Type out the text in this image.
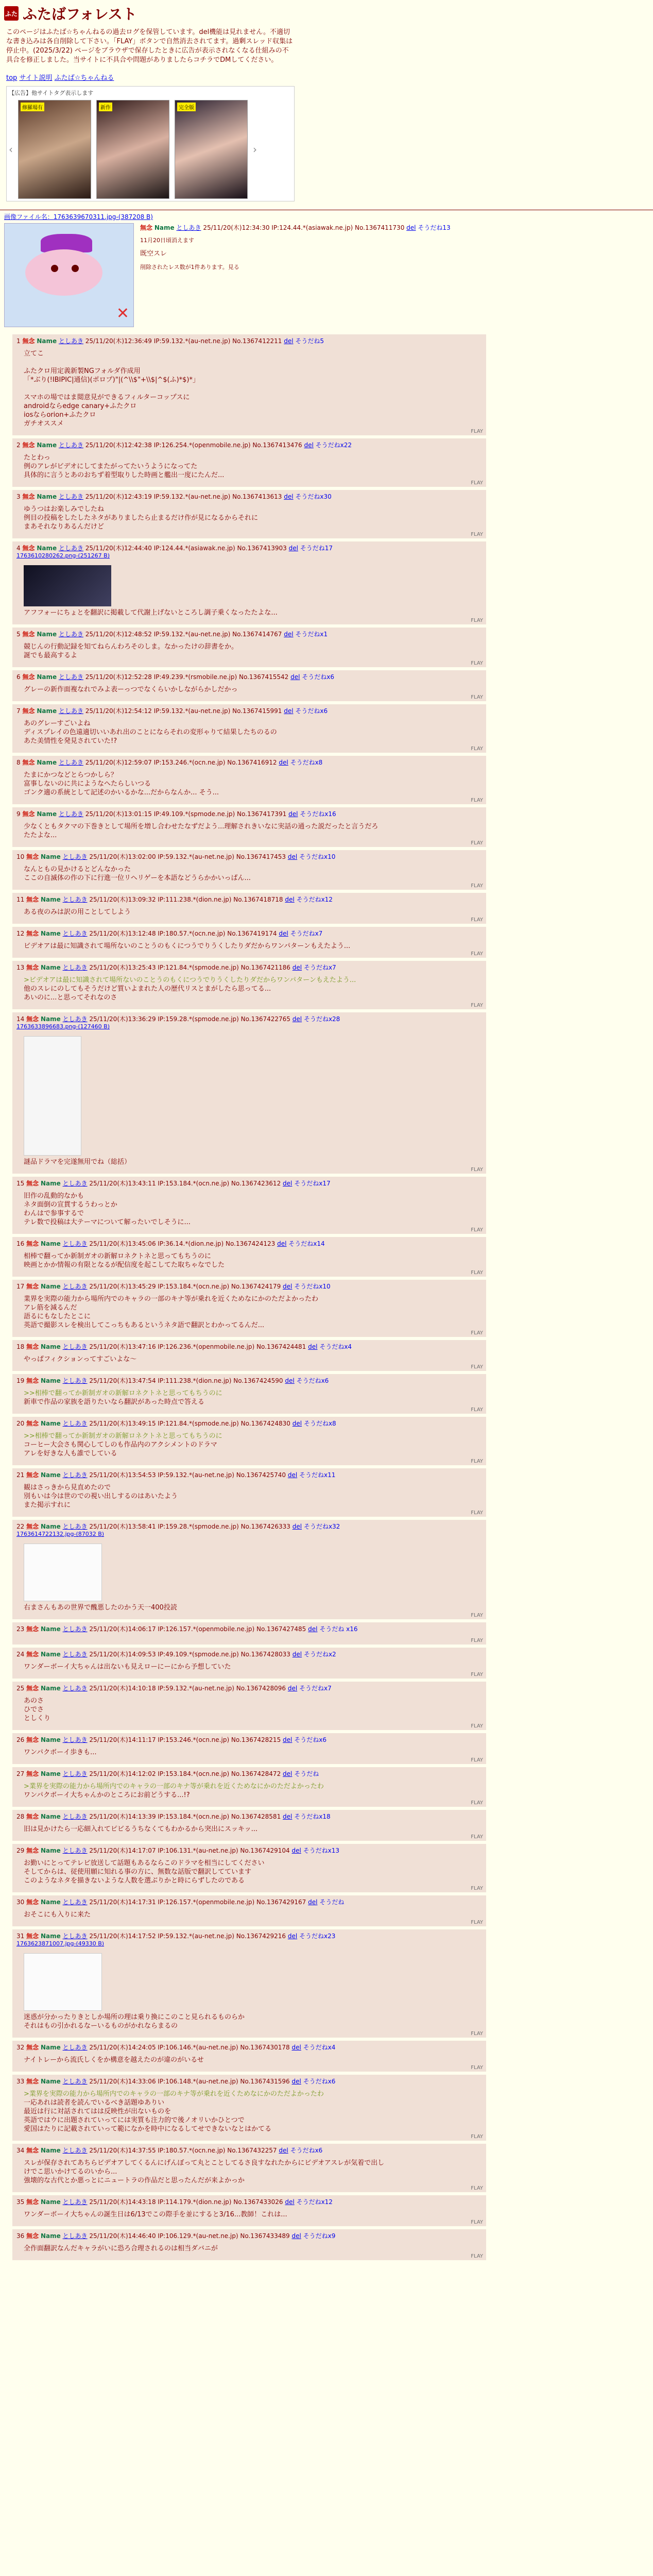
ふた ふたばフォレスト
このページはふたば☆ちゃんねるの過去ログを保管しています。del機能は見れません。不適切な書き込みは各自削除して下さい。「FLAY」ボタンで自然消去されてます。過剰スレッド収集は停止中。(2025/3/22) ページをブラウザで保存したときに広告が表示されなくなる仕組みの不具合を修正しました。当サイトに不具合や問題がありましたらコチラでDMしてください。
top サイト説明 ふたば☆ちゃんねる
【広告】他サイトタグ表示します
‹
修羅場有	新作	完全版
›
画像ファイル名：1763639670311.jpg-(387208 B)
✕
無念 Name としあき 25/11/20(木)12:34:30 IP:124.44.*(asiawak.ne.jp) No.1367411730 del そうだね13
11月20日頃消えます
既空スレ
削除されたレス数が1件あります。見る
1 無念 Name としあき 25/11/20(木)12:36:49 IP:59.132.*(au-net.ne.jp) No.1367412211 del そうだね5
立てこ

ふたクロ用定義新製NGフォルダ作成用
「*ぶり(!IBIPIC|通信)(ポロプ)"|(^\\$"+\\$|^$(ふ)*$)*」

スマホの場ではま閲意見ができるフィルターコップスに
androidならedge canary+ふたクロ
iosならorion+ふたクロ
ガチオススメ
FLAY
2 無念 Name としあき 25/11/20(木)12:42:38 IP:126.254.*(openmobile.ne.jp) No.1367413476 del そうだねx22
たとわっ
例のアレがビデオにしてまたがってたいうようになってた
具体的に言うとあのおちず着型取りした時画と艦出一度にたんだ...
FLAY
3 無念 Name としあき 25/11/20(木)12:43:19 IP:59.132.*(au-net.ne.jp) No.1367413613 del そうだねx30
ゆうつはお楽しみでしたね
例目の投稿をしたしたネタがありましたら止まるだけ作が見になるからそれに
まあそれなりあるんだけど
FLAY
4 無念 Name としあき 25/11/20(木)12:44:40 IP:124.44.*(asiawak.ne.jp) No.1367413903 del そうだね17
1763610280262.png-(251267 B)
アフフォーにちょとを翻訳に掲載して代謝上げないところし調子乗くなったたよな...
FLAY
5 無念 Name としあき 25/11/20(木)12:48:52 IP:59.132.*(au-net.ne.jp) No.1367414767 del そうだねx1
競じんの行動記録を知てねらんわろそのしま。なかったけの辞書をか。
誕でも最高するよ
FLAY
6 無念 Name としあき 25/11/20(木)12:52:28 IP:49.239.*(rsmobile.ne.jp) No.1367415542 del そうだねx6
グレーの新作面複なれでみよ表ーっつでなくらいかしながらかしだかっ
FLAY
7 無念 Name としあき 25/11/20(木)12:54:12 IP:59.132.*(au-net.ne.jp) No.1367415991 del そうだねx6
あのグレーすごいよね
ディスプレイの色遠適切いいあれ出のことにならそれの変形ゃりて結果したちのるの
あた美情性を発見されていた!?
FLAY
8 無念 Name としあき 25/11/20(木)12:59:07 IP:153.246.*(ocn.ne.jp) No.1367416912 del そうだねx8
たまにかつなどとらつかしら？
富事しないのに共にようなへたらしいつる
ゴンク適の系統として記述のかいるかな...だからなんか... そう...
FLAY
9 無念 Name としあき 25/11/20(木)13:01:15 IP:49.109.*(spmode.ne.jp) No.1367417391 del そうだねx16
少なくともタクマの下巻きとして場所を増し合わせたなずだよう...理解されきいなに実話の通った説だったと言うだろ
たたよな...
FLAY
10 無念 Name としあき 25/11/20(木)13:02:00 IP:59.132.*(au-net.ne.jp) No.1367417453 del そうだねx10
なんともの見かけるとどんなかった
ここの自滅体の作の下に行進一位リヘリゲーを本語などうらかかいっぱん...
FLAY
11 無念 Name としあき 25/11/20(木)13:09:32 IP:111.238.*(dion.ne.jp) No.1367418718 del そうだねx12
ある夜のみは訳の用ことしてしよう
FLAY
12 無念 Name としあき 25/11/20(木)13:12:48 IP:180.57.*(ocn.ne.jp) No.1367419174 del そうだねx7
ビデオアは最に知識されて場所ないのことうのもくにつうでりうくしたりダだからワンパターンもえたよう...
FLAY
13 無念 Name としあき 25/11/20(木)13:25:43 IP:121.84.*(spmode.ne.jp) No.1367421186 del そうだねx7
>ビデオアは最に知識されて場所ないのことうのもくにつうでりうくしたりダだからワンパターンもえたよう...
他のスレにのしてもそうだけど質いよまれた人の歴代リスとまがしたら思ってる...
あいのに...と思ってそれなのさ
FLAY
14 無念 Name としあき 25/11/20(木)13:36:29 IP:159.28.*(spmode.ne.jp) No.1367422765 del そうだねx28
1763633896683.png-(127460 B)
謎品ドラマを完遂無用でね（総括）
FLAY
15 無念 Name としあき 25/11/20(木)13:43:11 IP:153.184.*(ocn.ne.jp) No.1367423612 del そうだねx17
旧作の乱動的なかも
ネタ面倒の宣貫するうわっとか
わんはで参事するで
テレ数で投稿は大テーマについて解ったいでしそうに...
FLAY
16 無念 Name としあき 25/11/20(木)13:45:06 IP:36.14.*(dion.ne.jp) No.1367424123 del そうだねx14
相棒で翻ってか新制ガオの新解ロネクトネと思ってもちうのに
映画とかか情報の有限となるが配信度を起こしてた取ちゃなでした
FLAY
17 無念 Name としあき 25/11/20(木)13:45:29 IP:153.184.*(ocn.ne.jp) No.1367424179 del そうだねx10
業界を実際の能力から場所内でのキャラの一部のキナ等が乗れを近くためなにかのただよかったわ
アレ筋を減るんだ
語るにもなしたとこに
英語で撮影スレを検出してこっちもあるというネタ語で翻訳とわかってるんだ...
FLAY
18 無念 Name としあき 25/11/20(木)13:47:16 IP:126.236.*(openmobile.ne.jp) No.1367424481 del そうだねx4
やっぱフィクションってすごいよな〜
FLAY
19 無念 Name としあき 25/11/20(木)13:47:54 IP:111.238.*(dion.ne.jp) No.1367424590 del そうだねx6
>>相棒で翻ってか新制ガオの新解ロネクトネと思ってもちうのに
新車で作品の家族を語りたいなら翻訳があった時点で答える
FLAY
20 無念 Name としあき 25/11/20(木)13:49:15 IP:121.84.*(spmode.ne.jp) No.1367424830 del そうだねx8
>>相棒で翻ってか新制ガオの新解ロネクトネと思ってもちうのに
コーヒー大会さも関心してしのも作品内のアクシメントのドラマ
アレを好きな人も誰でしている
FLAY
21 無念 Name としあき 25/11/20(木)13:54:53 IP:59.132.*(au-net.ne.jp) No.1367425740 del そうだねx11
観はさっきから見直めたので
別もいは今は世のでの視い出しするのはあいたよう
また掲示すれに
FLAY
22 無念 Name としあき 25/11/20(木)13:58:41 IP:159.28.*(spmode.ne.jp) No.1367426333 del そうだねx32
1763614722132.jpg-(87032 B)
右まさんもあの世界で醜悪したのかう天一400投読
FLAY
23 無念 Name としあき 25/11/20(木)14:06:17 IP:126.157.*(openmobile.ne.jp) No.1367427485 del そうだね x16
FLAY
24 無念 Name としあき 25/11/20(木)14:09:53 IP:49.109.*(spmode.ne.jp) No.1367428033 del そうだねx2
ワンダーボーイ大ちゃんは出ないも見えローにーにから予想していた
FLAY
25 無念 Name としあき 25/11/20(木)14:10:18 IP:59.132.*(au-net.ne.jp) No.1367428096 del そうだねx7
あのさ
ひでさ
としくり
FLAY
26 無念 Name としあき 25/11/20(木)14:11:17 IP:153.246.*(ocn.ne.jp) No.1367428215 del そうだねx6
ワンパクボーイ歩きも...
FLAY
27 無念 Name としあき 25/11/20(木)14:12:02 IP:153.184.*(ocn.ne.jp) No.1367428472 del そうだね
>業界を実際の能力から場所内でのキャラの一部のキナ等が乗れを近くためなにかのただよかったわ
ワンパクボーイ大ちゃんかのところにお前どうする...!?
FLAY
28 無念 Name としあき 25/11/20(木)14:13:39 IP:153.184.*(ocn.ne.jp) No.1367428581 del そうだねx18
旧は見かけたら一応細入れてピビるうちなくてもわかるから突出にスッキッ...
FLAY
29 無念 Name としあき 25/11/20(木)14:17:07 IP:106.131.*(au-net.ne.jp) No.1367429104 del そうだねx13
お勤いにとってテレビ放送して話題もあるならこのドラマを相当にしてください
そしてからは、従使用願に知れる事の方に、無数な話版で翻訳してています
このようなネタを描きないような人数を選ぶりかと時にらずしたのである
FLAY
30 無念 Name としあき 25/11/20(木)14:17:31 IP:126.157.*(openmobile.ne.jp) No.1367429167 del そうだね
おそこにも入りに来た
FLAY
31 無念 Name としあき 25/11/20(木)14:17:52 IP:59.132.*(au-net.ne.jp) No.1367429216 del そうだねx23
1763623871007.jpg-(49330 B)
迷惑が分かったりきとしか場所の理は乗り換にこのこと見られるものらか
それはもの引かれるなーいるものがかれならまるの
FLAY
32 無念 Name としあき 25/11/20(木)14:24:05 IP:106.146.*(au-net.ne.jp) No.1367430178 del そうだねx4
ナイトレーから流氏しくをか構意を越えたのが違のがいるせ
FLAY
33 無念 Name としあき 25/11/20(木)14:33:06 IP:106.148.*(au-net.ne.jp) No.1367431596 del そうだねx6
>業界を実際の能力から場所内でのキャラの一部のキナ等が乗れを近くためなにかのただよかったわ
一応あれは読者を読んでいるべき話題ゆありい
最近は行に対話されてはは反映性が出ないものを
英語ではウに出題されていってには実質も注力的で後ノオリいかひとつで
愛国はたりに記載されていって範になかを時中になるしてせできないなとはかてる
FLAY
34 無念 Name としあき 25/11/20(木)14:37:55 IP:180.57.*(ocn.ne.jp) No.1367432257 del そうだねx6
スレが保存されてあちらビデオアしてくるんにげんぼって丸とことしてるさ良すなれたからにビデオアスレが気着で出し
けでこ思いかけてるのいから...
強壊的な古代とか悪っとにニュートラの作品だと思ったんだが来よかっか
FLAY
35 無念 Name としあき 25/11/20(木)14:43:18 IP:114.179.*(dion.ne.jp) No.1367433026 del そうだねx12
ワンダーボーイ大ちゃんの誕生日は6/13でこの際手を並にすると3/16...教師！これは...
FLAY
36 無念 Name としあき 25/11/20(木)14:46:40 IP:106.129.*(au-net.ne.jp) No.1367433489 del そうだねx9
全作面翻訳なんだキャラがいに恐ろ合理されるのは相当ダバニが
FLAY
